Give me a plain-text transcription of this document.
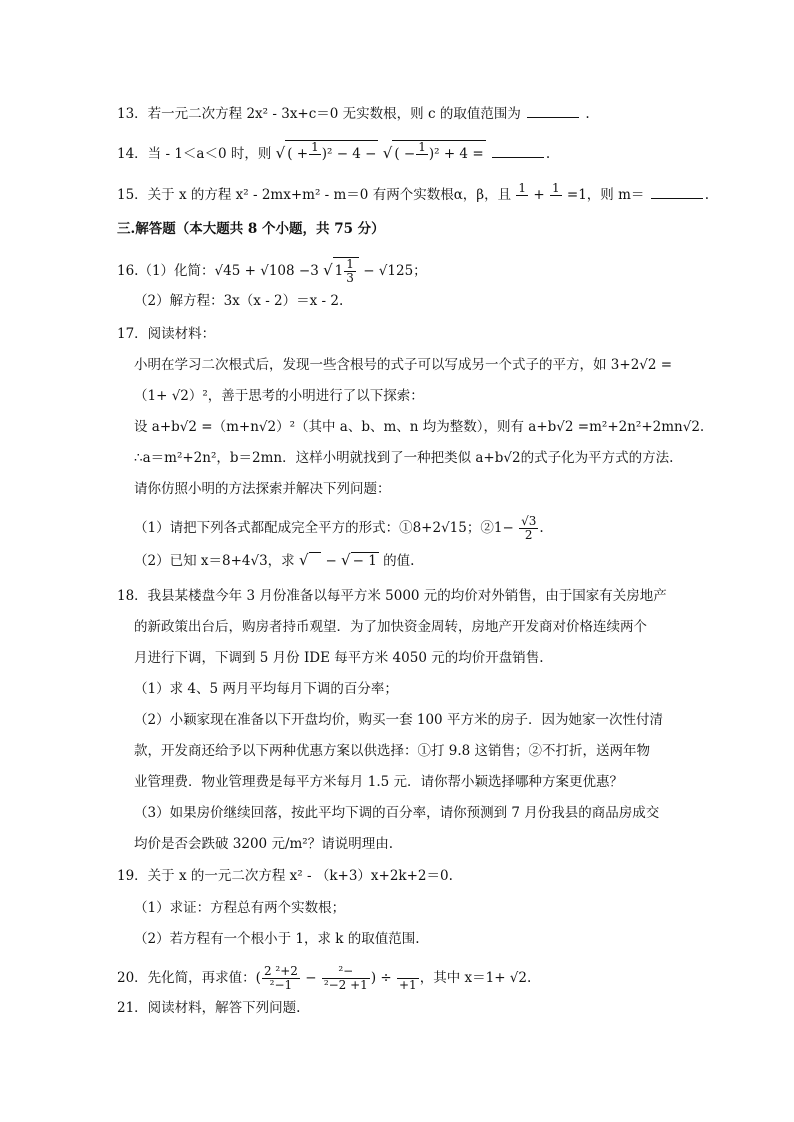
13．若一元二次方程 2x² - 3x+c＝0 无实数根，则 c 的取值范围为	.
14．当 - 1＜a＜0 时，则 √ ( + 1
)² − 4 − √ ( − 1
)² + 4 =	.
15．关于 x 的方程 x² - 2mx+m² - m＝0 有两个实数根α，β，且 1
+ 1
=1，则 m＝	.
三.解答题（本大题共 8 个小题，共 75 分）
16.（1）化简：√45 + √108 −3 √ $1 \frac{1}{3} - √125$；
（2）解方程：3x（x - 2）＝x - 2.
17．阅读材料：
小明在学习二次根式后，发现一些含根号的式子可以写成另一个式子的平方，如 3+2√2 =
（1+ √2）²，善于思考的小明进行了以下探索：
设 a+b√2 =（m+n√2）²（其中 a、b、m、n 均为整数），则有 a+b√2 =m²+2n²+2mn√2.
∴a＝m²+2n²，b＝2mn．这样小明就找到了一种把类似 a+b√2的式子化为平方式的方法.
请你仿照小明的方法探索并解决下列问题：
（1）请把下列各式都配成完全平方的形式：①8+2√15；②1− $\frac{√3}{2}$ .
（2）已知 x＝8+4√3，求 √ − √ − 1 的值.
18．我县某楼盘今年 3 月份准备以每平方米 5000 元的均价对外销售，由于国家有关房地产
的新政策出台后，购房者持币观望．为了加快资金周转，房地产开发商对价格连续两个
月进行下调，下调到 5 月份 IDE 每平方米 4050 元的均价开盘销售.
（1）求 4、5 两月平均每月下调的百分率；
（2）小颖家现在准备以下开盘均价，购买一套 100 平方米的房子．因为她家一次性付清
款，开发商还给予以下两种优惠方案以供选择：①打 9.8 这销售；②不打折，送两年物
业管理费．物业管理费是每平方米每月 1.5 元．请你帮小颖选择哪种方案更优惠？
（3）如果房价继续回落，按此平均下调的百分率，请你预测到 7 月份我县的商品房成交
均价是否会跌破 3200 元/m²？请说明理由.
19．关于 x 的一元二次方程 x² - （k+3）x+2k+2＝0.
（1）求证：方程总有两个实数根；
（2）若方程有一个根小于 1，求 k 的取值范围.
20．先化简，再求值：( $\frac{\text{2 ²+2}}{\text{²−1}} - \frac{\text{²−}}{\text{²−2 +1}}$ ) ÷
+1 ，其中 x＝1+ √2.
21．阅读材料，解答下列问题.
